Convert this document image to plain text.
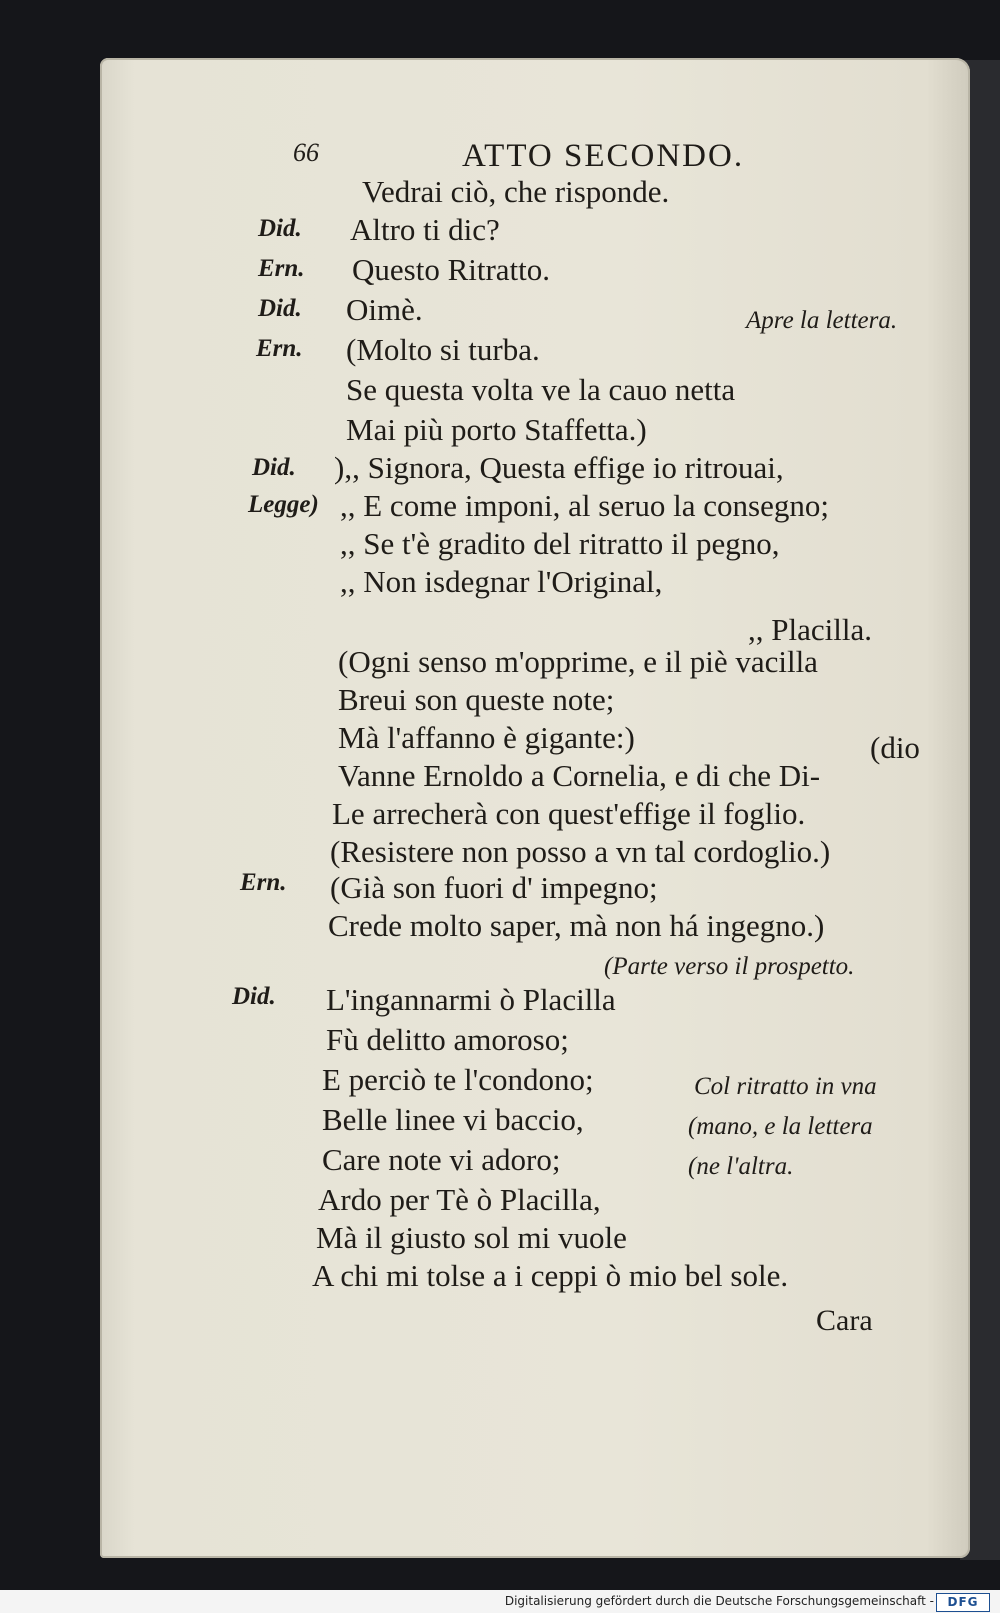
66	ATTO SECONDO.
Did.
Ern.
Did.
Ern.
Did.
Legge)
Ern.
Did.
Vedrai ciò, che risponde.
Altro ti dic?
Questo Ritratto.
Oimè.
(Molto si turba.
Se questa volta ve la cauo netta
Mai più porto Staffetta.)
),, Signora, Questa effige io ritrouai,
,, E come imponi, al seruo la consegno;
,, Se t'è gradito del ritratto il pegno,
,, Non isdegnar l'Original,
,, Placilla.
(Ogni senso m'opprime, e il piè vacilla
Breui son queste note;
Mà l'affanno è gigante:)
Vanne Ernoldo a Cornelia, e di che Di-
Le arrecherà con quest'effige il foglio.
(Resistere non posso a vn tal cordoglio.)
(Già son fuori d' impegno;
Crede molto saper, mà non há ingegno.)
L'ingannarmi ò Placilla
Fù delitto amoroso;
E perciò te l'condono;
Belle linee vi baccio,
Care note vi adoro;
Ardo per Tè ò Placilla,
Mà il giusto sol mi vuole
A chi mi tolse a i ceppi ò mio bel sole.
Apre la lettera.
(dio
(Parte verso il prospetto.
Col ritratto in vna
(mano, e la lettera
(ne l'altra.
Cara
Digitalisierung gefördert durch die Deutsche Forschungsgemeinschaft -	DFG
